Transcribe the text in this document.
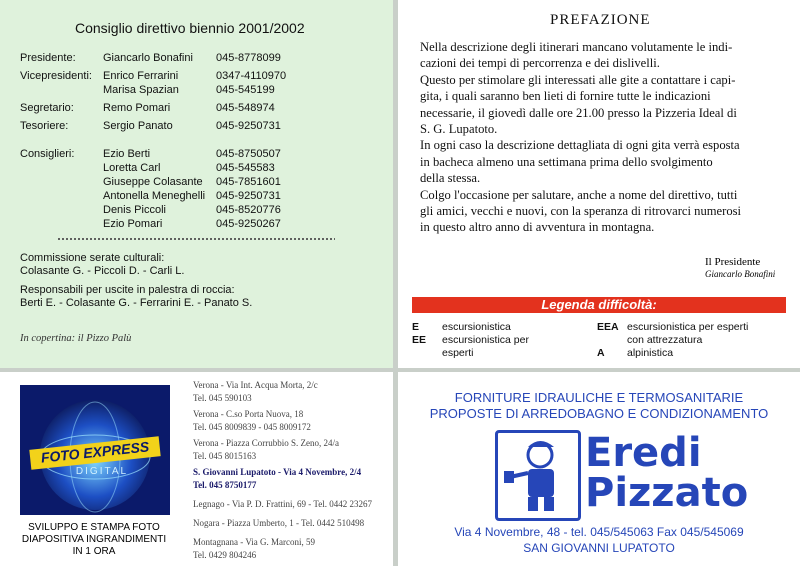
Consiglio direttivo biennio 2001/2002
Presidente: Giancarlo Bonafini 045-8778099
Vicepresidenti: Enrico Ferrarini	0347-4110970
Marisa Spazian	045-545199
Segretario:	Remo Pomari	045-548974
Tesoriere:	Sergio Panato	045-9250731
Consiglieri:	Ezio Berti	045-8750507
Loretta Carl	045-545583
Giuseppe Colasante 045-7851601
Antonella Meneghelli 045-9250731
Denis Piccoli	045-8520776
Ezio Pomari	045-9250267
Commissione serate culturali:
Colasante G. - Piccoli D. - Carli L.
Responsabili per uscite in palestra di roccia:
Berti E. - Colasante G. - Ferrarini E. - Panato S.
In copertina: il Pizzo Palù
PREFAZIONE
Nella descrizione degli itinerari mancano volutamente le indi-
cazioni dei tempi di percorrenza e dei dislivelli.
Questo per stimolare gli interessati alle gite a contattare i capi-
gita, i quali saranno ben lieti di fornire tutte le indicazioni
necessarie, il giovedì dalle ore 21.00 presso la Pizzeria Ideal di
S. G. Lupatoto.
In ogni caso la descrizione dettagliata di ogni gita verrà esposta
in bacheca almeno una settimana prima dello svolgimento
della stessa.
Colgo l'occasione per salutare, anche a nome del direttivo, tutti
gli amici, vecchi e nuovi, con la speranza di ritrovarci numerosi
in questo altro anno di avventura in montagna.
Il Presidente
Giancarlo Bonafini
Legenda difficoltà:
E escursionistica
EE escursionistica per
esperti
EEA escursionistica per esperti
con attrezzatura
A alpinistica
FOTO EXPRESS
DIGITAL
SVILUPPO E STAMPA FOTO
DIAPOSITIVA INGRANDIMENTI
IN 1 ORA
Verona - Via Int. Acqua Morta, 2/c
Tel. 045 590103
Verona - C.so Porta Nuova, 18
Tel. 045 8009839 - 045 8009172
Verona - Piazza Corrubbio S. Zeno, 24/a
Tel. 045 8015163
S. Giovanni Lupatoto - Via 4 Novembre, 2/4
Tel. 045 8750177
Legnago - Via P. D. Frattini, 69 - Tel. 0442 23267
Nogara - Piazza Umberto, 1 - Tel. 0442 510498
Montagnana - Via G. Marconi, 59
Tel. 0429 804246
FORNITURE IDRAULICHE E TERMOSANITARIE
PROPOSTE DI ARREDOBAGNO E CONDIZIONAMENTO
Eredi
Pizzato
Via 4 Novembre, 48 - tel. 045/545063 Fax 045/545069
SAN GIOVANNI LUPATOTO
